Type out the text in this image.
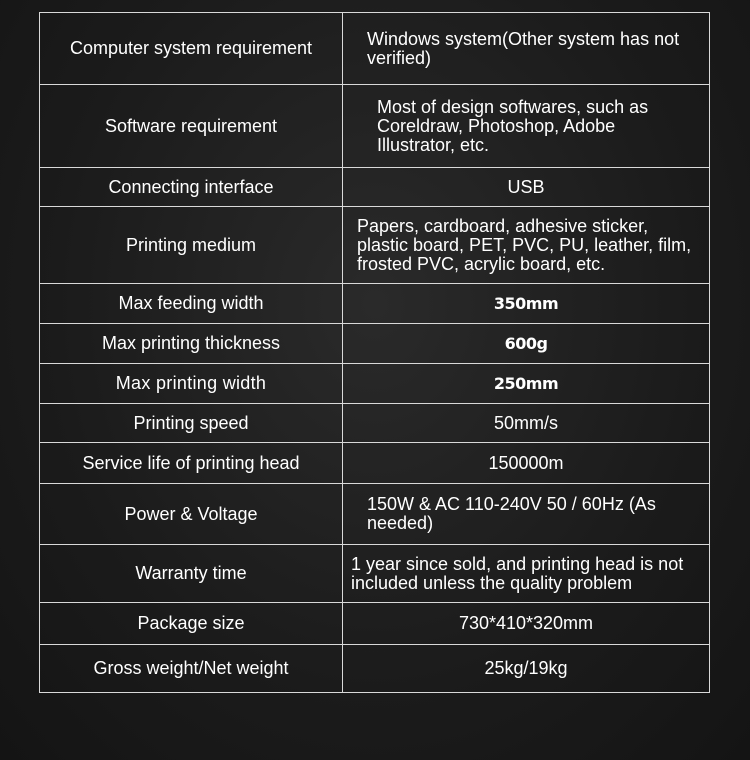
Computer system requirement	Windows system(Other system has not verified)
Software requirement	Most of design softwares, such as Coreldraw, Photoshop, Adobe Illustrator, etc.
Connecting interface	USB
Printing medium	Papers, cardboard, adhesive sticker, plastic board, PET, PVC, PU, leather, film, frosted PVC, acrylic board, etc.
Max feeding width	350mm
Max printing thickness	600g
Max printing width	250mm
Printing speed	50mm/s
Service life of printing head	150000m
Power & Voltage	150W & AC 110-240V 50 / 60Hz (As needed)
Warranty time	1 year since sold, and printing head is not included unless the quality problem
Package size	730*410*320mm
Gross weight/Net weight	25kg/19kg
